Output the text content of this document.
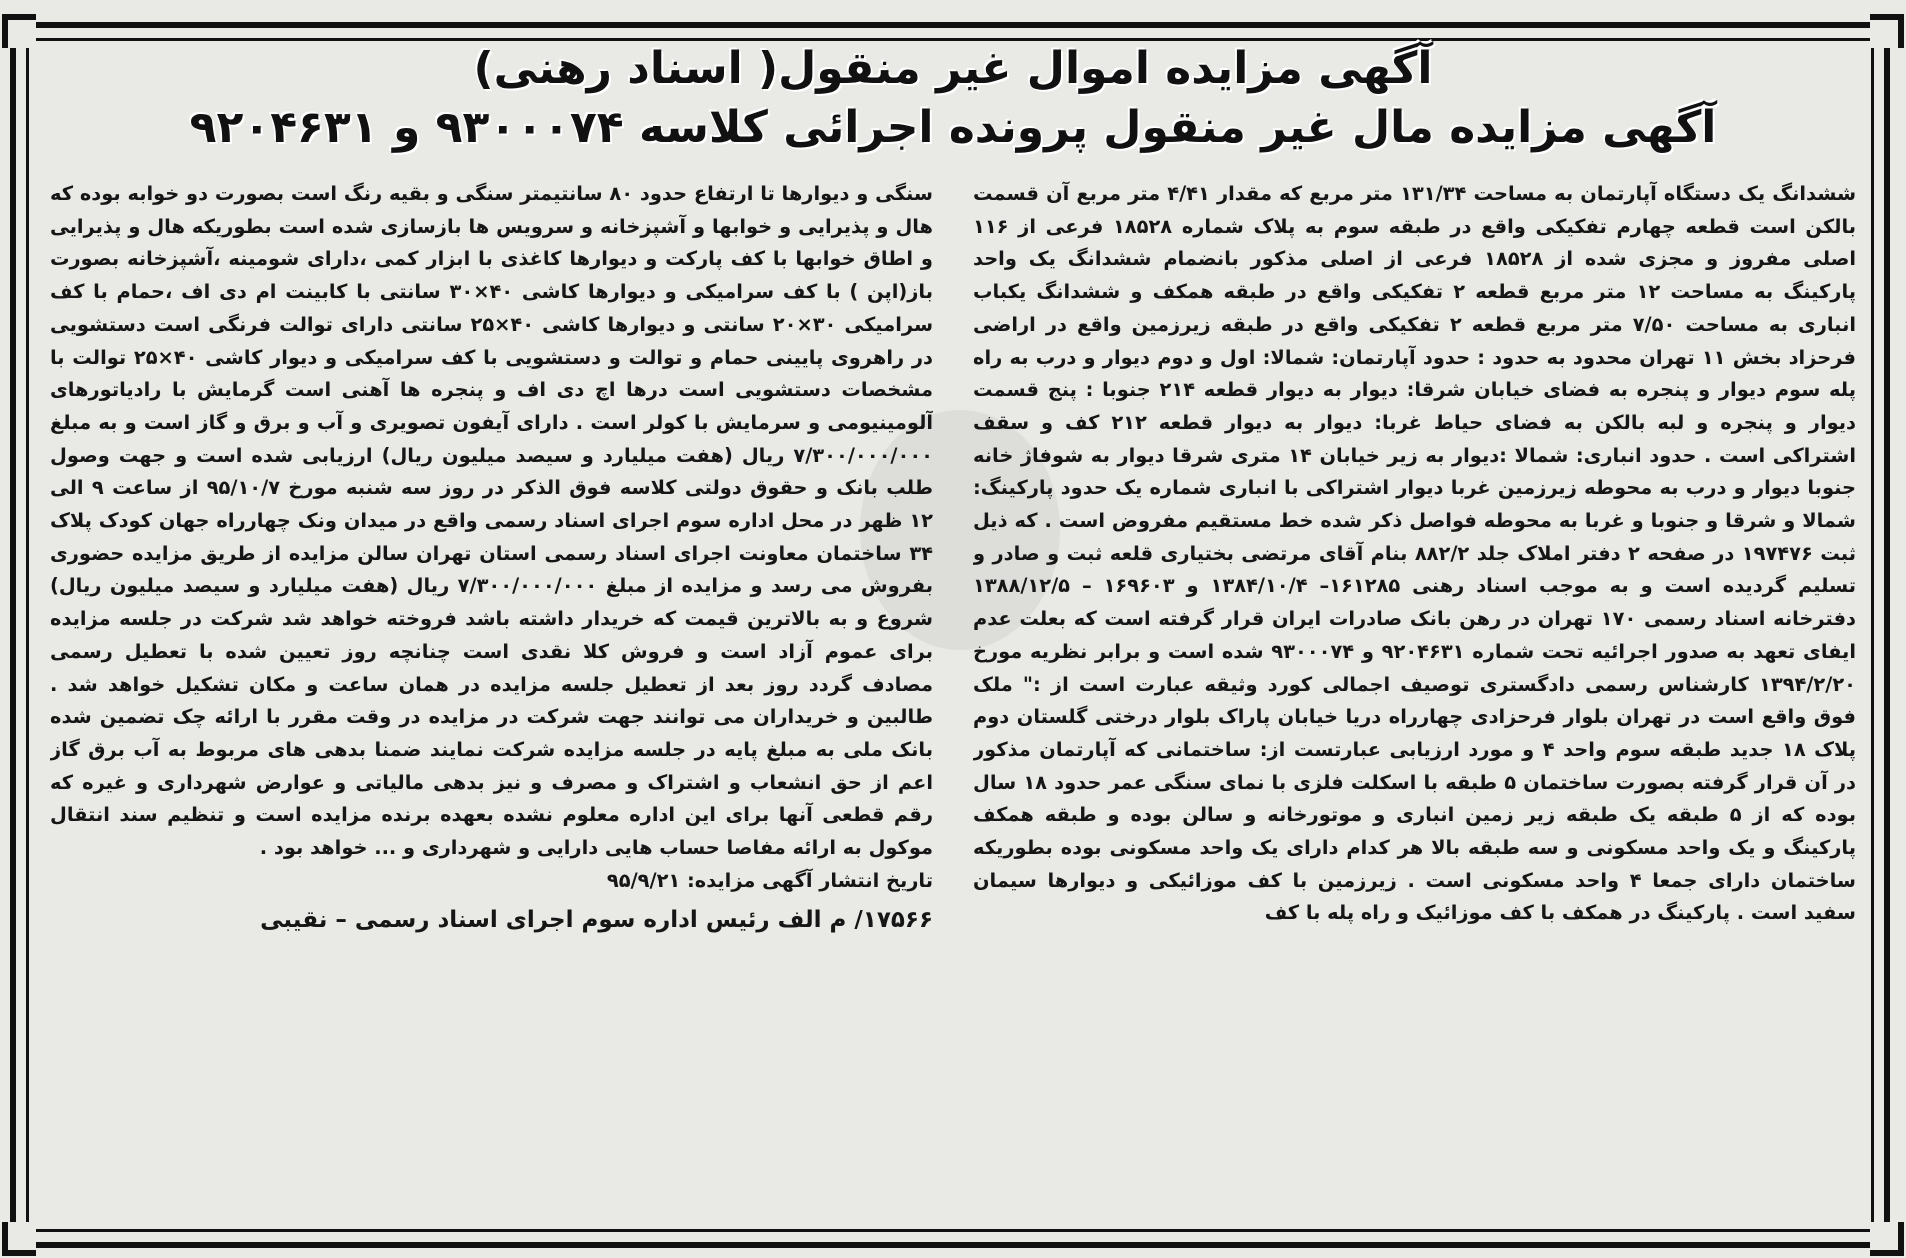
آگهی مزایده اموال غیر منقول( اسناد رهنی)
آگهی مزایده مال غیر منقول پرونده اجرائی کلاسه ۹۳۰۰۰۷۴ و ۹۲۰۴۶۳۱

ششدانگ یک دستگاه آپارتمان به مساحت ۱۳۱/۳۴ متر مربع که مقدار ۴/۴۱ متر مربع آن قسمت بالکن است قطعه چهارم تفکیکی واقع در طبقه سوم به پلاک شماره ۱۸۵۲۸ فرعی از ۱۱۶ اصلی مفروز و مجزی شده از ۱۸۵۲۸ فرعی از اصلی مذکور بانضمام ششدانگ یک واحد پارکینگ به مساحت ۱۲ متر مربع قطعه ۲ تفکیکی واقع در طبقه همکف و ششدانگ یکباب انباری به مساحت ۷/۵۰ متر مربع قطعه ۲ تفکیکی واقع در طبقه زیرزمین واقع در اراضی فرحزاد بخش ۱۱ تهران محدود به حدود : حدود آپارتمان: شمالا: اول و دوم دیوار و درب به راه پله سوم دیوار و پنجره به فضای خیابان شرقا: دیوار به دیوار قطعه ۲۱۴ جنوبا : پنج قسمت دیوار و پنجره و لبه بالکن به فضای حیاط غربا: دیوار به دیوار قطعه ۲۱۲ کف و سقف اشتراکی است . حدود انباری: شمالا :دیوار به زیر خیابان ۱۴ متری شرقا دیوار به شوفاژ خانه جنوبا دیوار و درب به محوطه زیرزمین غربا دیوار اشتراکی با انباری شماره یک حدود پارکینگ: شمالا و شرقا و جنوبا و غربا به محوطه فواصل ذکر شده خط مستقیم مفروض است . که ذیل ثبت ۱۹۷۴۷۶ در صفحه ۲ دفتر املاک جلد ۸۸۲/۲ بنام آقای مرتضی بختیاری قلعه ثبت و صادر و تسلیم گردیده است و به موجب اسناد رهنی ۱۶۱۲۸۵– ۱۳۸۴/۱۰/۴ و ۱۶۹۶۰۳ – ۱۳۸۸/۱۲/۵ دفترخانه اسناد رسمی ۱۷۰ تهران در رهن بانک صادرات ایران قرار گرفته است که بعلت عدم ایفای تعهد به صدور اجرائیه تحت شماره ۹۲۰۴۶۳۱ و ۹۳۰۰۰۷۴ شده است و برابر نظریه مورخ ۱۳۹۴/۲/۲۰ کارشناس رسمی دادگستری توصیف اجمالی کورد وثیقه عبارت است از :" ملک فوق واقع است در تهران بلوار فرحزادی چهارراه دریا خیابان پاراک بلوار درختی گلستان دوم پلاک ۱۸ جدید طبقه سوم واحد ۴ و مورد ارزیابی عبارتست از: ساختمانی که آپارتمان مذکور در آن قرار گرفته بصورت ساختمان ۵ طبقه با اسکلت فلزی با نمای سنگی عمر حدود ۱۸ سال بوده که از ۵ طبقه یک طبقه زیر زمین انباری و موتورخانه و سالن بوده و طبقه همکف پارکینگ و یک واحد مسکونی و سه طبقه بالا هر کدام دارای یک واحد مسکونی بوده بطوریکه ساختمان دارای جمعا ۴ واحد مسکونی است . زیرزمین با کف موزائیکی و دیوارها سیمان سفید است . پارکینگ در همکف با کف موزائیک و راه پله با کف

سنگی و دیوارها تا ارتفاع حدود ۸۰ سانتیمتر سنگی و بقیه رنگ است بصورت دو خوابه بوده که هال و پذیرایی و خوابها و آشپزخانه و سرویس ها بازسازی شده است بطوریکه هال و پذیرایی و اطاق خوابها با کف پارکت و دیوارها کاغذی با ابزار کمی ،دارای شومینه ،آشپزخانه بصورت باز(اپن ) با کف سرامیکی و دیوارها کاشی ۴۰×۳۰ سانتی با کابینت ام دی اف ،حمام با کف سرامیکی ۳۰×۲۰ سانتی و دیوارها کاشی ۴۰×۲۵ سانتی دارای توالت فرنگی است دستشویی در راهروی پایینی حمام و توالت و دستشویی با کف سرامیکی و دیوار کاشی ۴۰×۲۵ توالت با مشخصات دستشویی است درها اچ دی اف و پنجره ها آهنی است گرمایش با رادیاتورهای آلومینیومی و سرمایش با کولر است . دارای آیفون تصویری و آب و برق و گاز است و به مبلغ ۷/۳۰۰/۰۰۰/۰۰۰ ریال (هفت میلیارد و سیصد میلیون ریال) ارزیابی شده است و جهت وصول طلب بانک و حقوق دولتی کلاسه فوق الذکر در روز سه شنبه مورخ ۹۵/۱۰/۷ از ساعت ۹ الی ۱۲ ظهر در محل اداره سوم اجرای اسناد رسمی واقع در میدان ونک چهارراه جهان کودک پلاک ۳۴ ساختمان معاونت اجرای اسناد رسمی استان تهران سالن مزایده از طریق مزایده حضوری بفروش می رسد و مزایده از مبلغ ۷/۳۰۰/۰۰۰/۰۰۰ ریال (هفت میلیارد و سیصد میلیون ریال) شروع و به بالاترین قیمت که خریدار داشته باشد فروخته خواهد شد شرکت در جلسه مزایده برای عموم آزاد است و فروش کلا نقدی است چنانچه روز تعیین شده با تعطیل رسمی مصادف گردد روز بعد از تعطیل جلسه مزایده در همان ساعت و مکان تشکیل خواهد شد . طالبین و خریداران می توانند جهت شرکت در مزایده در وقت مقرر با ارائه چک تضمین شده بانک ملی به مبلغ پایه در جلسه مزایده شرکت نمایند ضمنا بدهی های مربوط به آب برق گاز اعم از حق انشعاب و اشتراک و مصرف و نیز بدهی مالیاتی و عوارض شهرداری و غیره که رقم قطعی آنها برای این اداره معلوم نشده بعهده برنده مزایده است و تنظیم سند انتقال موکول به ارائه مفاصا حساب هایی دارایی و شهرداری و ... خواهد بود .

تاریخ انتشار آگهی مزایده: ۹۵/۹/۲۱
۱۷۵۶۶/ م الف رئیس اداره سوم اجرای اسناد رسمی – نقیبی
